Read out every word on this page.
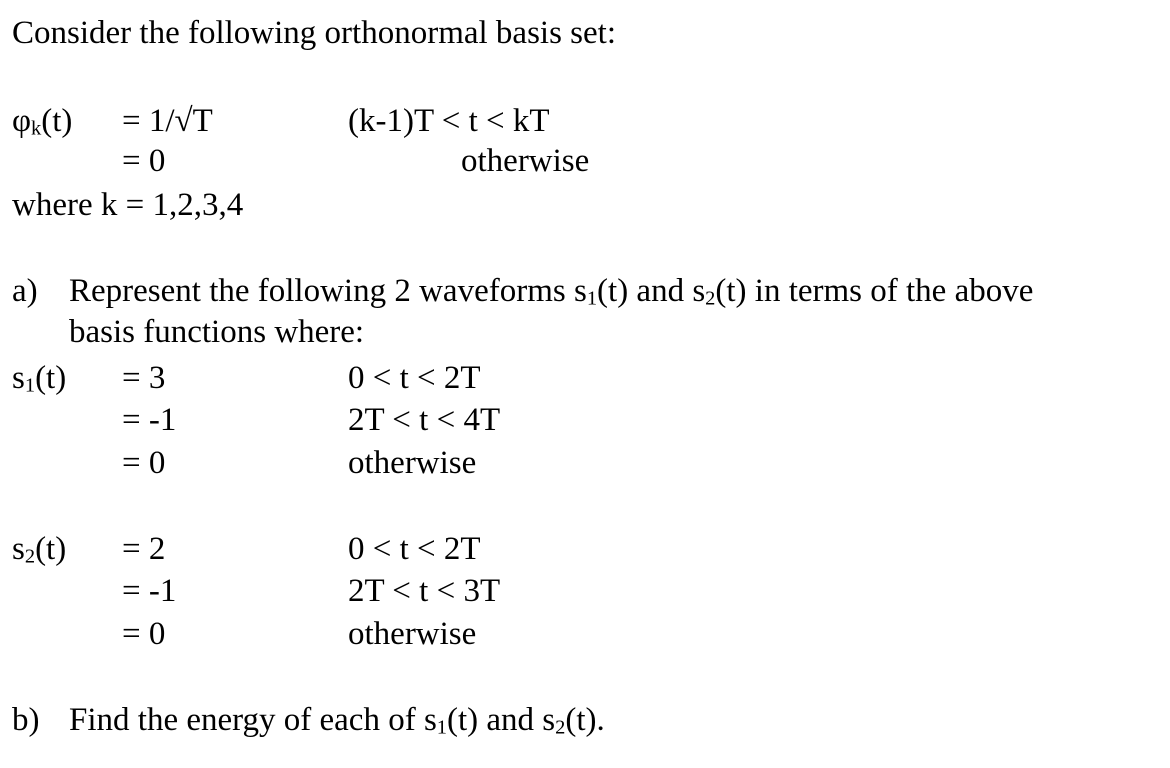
Consider the following orthonormal basis set:
φk(t) = 1/√T	(k-1)T < t < kT
= 0	otherwise
where k = 1,2,3,4
a) Represent the following 2 waveforms s1(t) and s2(t) in terms of the above
basis functions where:
s1(t) = 3	0 < t < 2T
= -1	2T < t < 4T
= 0	otherwise
s2(t) = 2	0 < t < 2T
= -1	2T < t < 3T
= 0	otherwise
b) Find the energy of each of s1(t) and s2(t).
